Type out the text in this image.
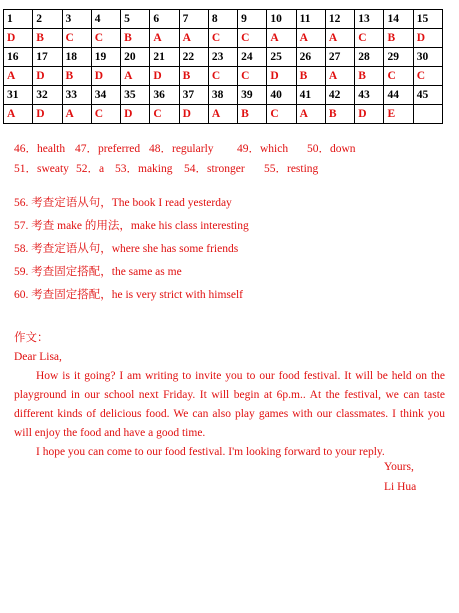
1	2	3	4	5	6	7	8	9	10	11	12	13	14	15
D	B	C	C	B	A	A	C	C	A	A	A	C	B	D
16	17	18	19	20	21	22	23	24	25	26	27	28	29	30
A	D	B	D	A	D	B	C	C	D	B	A	B	C	C
31	32	33	34	35	36	37	38	39	40	41	42	43	44	45
A	D	A	C	D	C	D	A	B	C	A	B	D	E	
46．health 47．preferred 48．regularly 49．which 50．down
51．sweaty 52．a 53．making 54．stronger 55．resting
56. 考查定语从句，The book I read yesterday
57. 考查 make 的用法，make his class interesting
58. 考查定语从句，where she has some friends
59. 考查固定搭配，the same as me
60. 考查固定搭配，he is very strict with himself

作文：

Dear Lisa,

How is it going? I am writing to invite you to our food festival. It will be held on the playground in our school next Friday. It will begin at 6p.m.. At the festival, we can taste different kinds of delicious food. We can also play games with our classmates. I think you will enjoy the food and have a good time.

I hope you can come to our food festival. I'm looking forward to your reply.

Yours,
Li Hua
